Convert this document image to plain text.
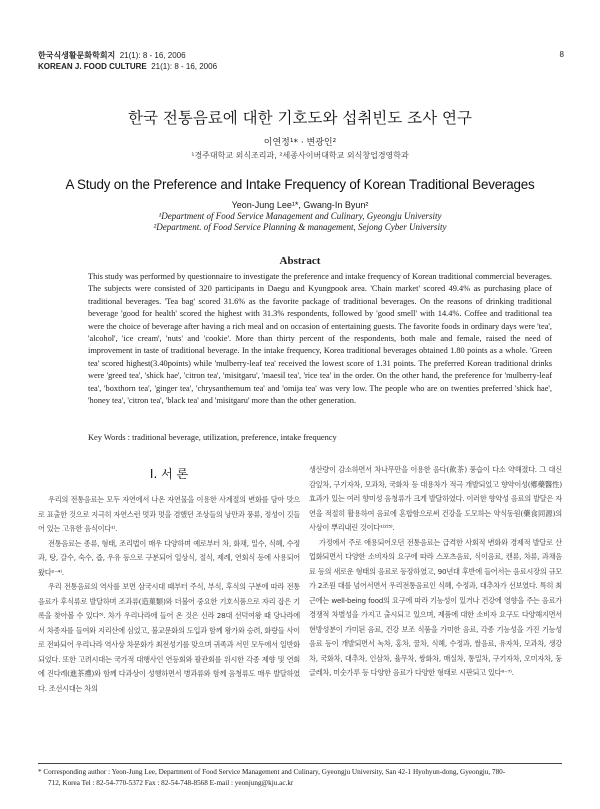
한국식생활문화학회지 21(1): 8 - 16, 2006
KOREAN J. FOOD CULTURE 21(1): 8 - 16, 2006
8
한국 전통음료에 대한 기호도와 섭취빈도 조사 연구
이연정¹* · 변광인²
¹경주대학교 외식조리과, ²세종사이버대학교 외식창업경영학과
A Study on the Preference and Intake Frequency of Korean Traditional Beverages
Yeon-Jung Lee¹*, Gwang-In Byun²
¹Department of Food Service Management and Culinary, Gyeongju University
²Department. of Food Service Planning & management, Sejong Cyber University
Abstract
This study was performed by questionnaire to investigate the preference and intake frequency of Korean traditional commercial beverages. The subjects were consisted of 320 participants in Daegu and Kyungpook area. 'Chain market' scored 49.4% as purchasing place of traditional beverages. 'Tea bag' scored 31.6% as the favorite package of traditional beverages. On the reasons of drinking traditional beverage 'good for health' scored the highest with 31.3% respondents, followed by 'good smell' with 14.4%. Coffee and traditional tea were the choice of beverage after having a rich meal and on occasion of entertaining guests. The favorite foods in ordinary days were 'tea', 'alcohol', 'ice cream', 'nuts' and 'cookie'. More than thirty percent of the respondents, both male and female, raised the need of improvement in taste of traditional beverage. In the intake frequency, Korea traditional beverages obtained 1.80 points as a whole. 'Green tea' scored highest(3.40points) while 'mulberry-leaf tea' received the lowest score of 1.31 points. The preferred Korean traditional drinks were 'greed tea', 'shick hae', 'citron tea', 'misitgaru', 'maesil tea', 'rice tea' in the order. On the other hand, the preference for 'mulberry-leaf tea', 'boxthorn tea', 'ginger tea', 'chrysanthemum tea' and 'omija tea' was very low. The people who are on twenties preferred 'shick hae', 'honey tea', 'citron tea', 'black tea' and 'misitgaru' more than the other generation.
Key Words : traditional beverage, utilization, preference, intake frequency
I. 서 론

우리의 전통음료는 모두 자연에서 나온 자연물을 이용한 사계절의 변화를 담아 맛으로 표출한 것으로 지극히 자연스런 멋과 멋을 겸했던 조상들의 낭만과 풍류, 정성이 깃들어 있는 고유한 음식이다¹⁾.

전통음료는 종류, 형태, 조리법이 매우 다양하며 예로부터 차, 화채, 밀수, 식혜, 수정과, 탕, 갈수, 숙수, 즙, 우유 등으로 구분되어 일상식, 절식, 제례, 연회식 등에 사용되어 왔다²⁻⁴⁾.

우리 전통음료의 역사를 보면 삼국시대 때부터 주식, 부식, 후식의 구분에 따라 전통음료가 후식류로 발달하며 조과류(造菓類)와 더불어 중요한 기호식품으로 자리 잡은 기록을 찾아볼 수 있다⁵⁾. 차가 우리나라에 들어 온 것은 신라 28대 선덕여왕 때 당나라에서 차종자를 들여와 지리산에 심었고, 불교문화의 도입과 함께 왕가와 승려, 화랑들 사이로 전파되어 우리나라 역사상 차문화가 최전성기를 맞으며 귀족과 서민 모두에서 일반화되었다. 또한 고려시대는 국가적 대행사인 연등회와 팔관회를 위시한 각종 제향 및 연회에 진다례(進茶禮)와 함께 다과상이 성행하면서 병과류와 함께 음청류도 매우 발달하였다. 조선시대는 차의

생산량이 감소하면서 차나무만을 이용한 음다(飮茶) 풍습이 다소 약해졌다. 그 대신 감잎차, 구기자차, 모과차, 국화차 등 대용차가 적극 개발되었고 향약이성(鄕藥醫性) 효과가 있는 여러 향미성 음청류가 크게 발달하였다. 이러한 향약성 음료의 발달은 자연을 적절히 활용하여 음료에 혼합함으로써 건강을 도모하는 약식동원(藥食同源)의 사상이 뿌리내린 것이다¹⁾²⁾⁵⁾.

가정에서 주로 애용되어오던 전통음료는 급격한 사회적 변화와 경제적 발달로 산업화되면서 다양한 소비자의 요구에 따라 스포츠음료, 식이음료, 캔류, 차류, 과채음료 등의 새로운 형태의 음료로 등장하였고, 90년대 후반에 들어서는 음료시장의 규모가 2조원 대를 넘어서면서 우리전통음료인 식혜, 수정과, 대추차가 선보였다. 특히 최근에는 well-being food의 요구에 따라 기능성이 있거나 건강에 영향을 주는 음료가 경쟁적 차별성을 가지고 출시되고 있으며, 제품에 대한 소비자 요구도 다양해지면서 현방성분이 가미된 음료, 건강 보조 식품을 가미한 음료, 각종 기능성을 가진 기능성 음료 등이 개발되면서 녹차, 홍차, 꿀차, 식혜, 수정과, 쌀음료, 유자차, 모과차, 생강차, 국화차, 대추차, 인삼차, 율무차, 쌍화차, 매실차, 통밀차, 구기자차, 오미자차, 둥글레차, 미숫가루 등 다양한 음료가 다양한 형태로 시판되고 있다⁶⁻⁷⁾.

* Corresponding author : Yeon-Jung Lee, Department of Food Service Management and Culinary, Gyeongju University, San 42-1 Hyohyun-dong, Gyeongju, 780-
712, Korea Tel : 82-54-770-5372 Fax : 82-54-748-8568 E-mail : yeonjung@kju.ac.kr
